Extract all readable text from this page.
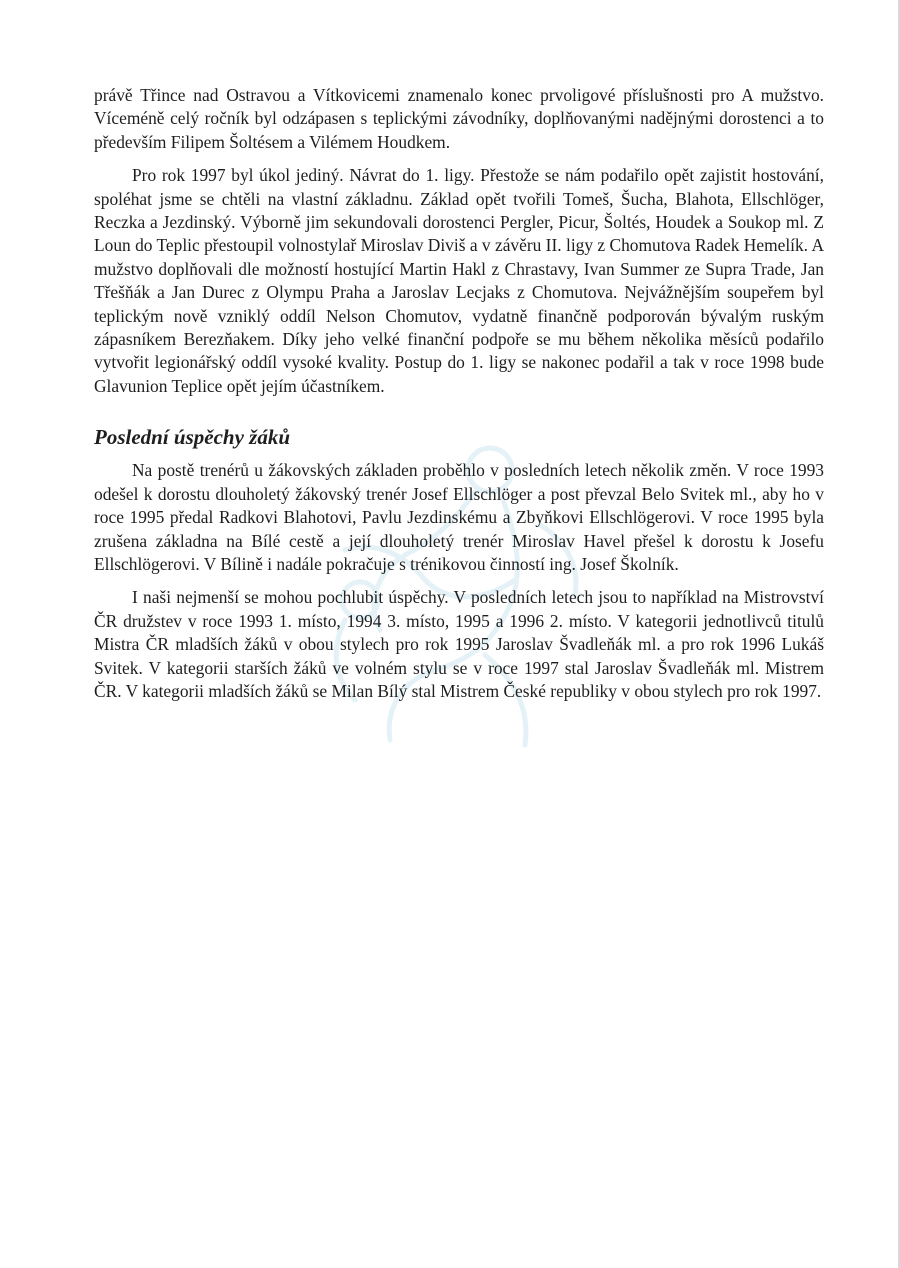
právě Třince nad Ostravou a Vítkovicemi znamenalo konec prvoligové příslušnosti pro A mužstvo. Víceméně celý ročník byl odzápasen s teplickými závodníky, doplňovanými nadějnými dorostenci a to především Filipem Šoltésem a Vilémem Houdkem.

Pro rok 1997 byl úkol jediný. Návrat do 1. ligy. Přestože se nám podařilo opět zajistit hostování, spoléhat jsme se chtěli na vlastní základnu. Základ opět tvořili Tomeš, Šucha, Blahota, Ellschlöger, Reczka a Jezdinský. Výborně jim sekundovali dorostenci Pergler, Picur, Šoltés, Houdek a Soukop ml. Z Loun do Teplic přestoupil volnostylař Miroslav Diviš a v závěru II. ligy z Chomutova Radek Hemelík. A mužstvo doplňovali dle možností hostující Martin Hakl z Chrastavy, Ivan Summer ze Supra Trade, Jan Třešňák a Jan Durec z Olympu Praha a Jaroslav Lecjaks z Chomutova. Nejvážnějším soupeřem byl teplickým nově vzniklý oddíl Nelson Chomutov, vydatně finančně podporován bývalým ruským zápasníkem Berezňakem. Díky jeho velké finanční podpoře se mu během několika měsíců podařilo vytvořit legionářský oddíl vysoké kvality. Postup do 1. ligy se nakonec podařil a tak v roce 1998 bude Glavunion Teplice opět jejím účastníkem.

Poslední úspěchy žáků

Na postě trenérů u žákovských základen proběhlo v posledních letech několik změn. V roce 1993 odešel k dorostu dlouholetý žákovský trenér Josef Ellschlöger a post převzal Belo Svitek ml., aby ho v roce 1995 předal Radkovi Blahotovi, Pavlu Jezdinskému a Zbyňkovi Ellschlögerovi. V roce 1995 byla zrušena základna na Bílé cestě a její dlouholetý trenér Miroslav Havel přešel k dorostu k Josefu Ellschlögerovi. V Bílině i nadále pokračuje s trénikovou činností ing. Josef Školník.

I naši nejmenší se mohou pochlubit úspěchy. V posledních letech jsou to například na Mistrovství ČR družstev v roce 1993 1. místo, 1994 3. místo, 1995 a 1996 2. místo. V kategorii jednotlivců titulů Mistra ČR mladších žáků v obou stylech pro rok 1995 Jaroslav Švadleňák ml. a pro rok 1996 Lukáš Svitek. V kategorii starších žáků ve volném stylu se v roce 1997 stal Jaroslav Švadleňák ml. Mistrem ČR. V kategorii mladších žáků se Milan Bílý stal Mistrem České republiky v obou stylech pro rok 1997.
